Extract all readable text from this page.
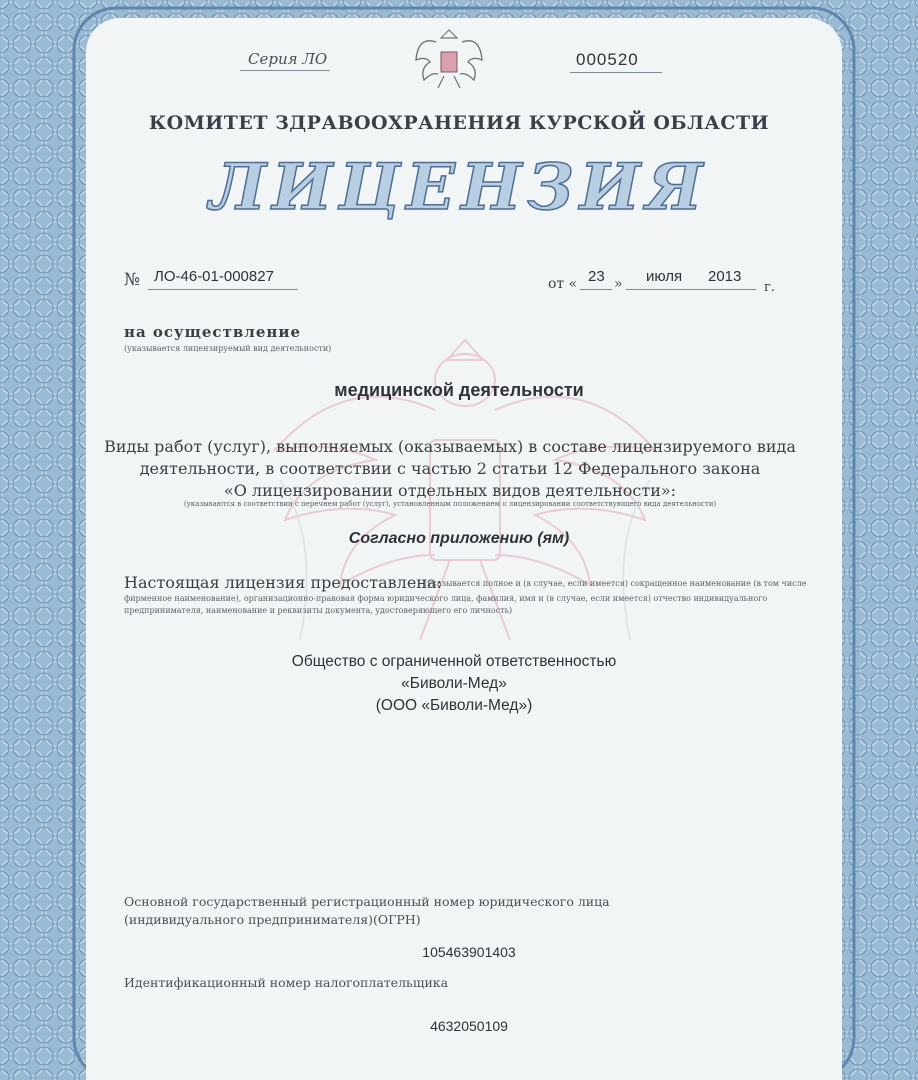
Серия ЛО	000520
КОМИТЕТ ЗДРАВООХРАНЕНИЯ КУРСКОЙ ОБЛАСТИ
ЛИЦЕНЗИЯ
№ ЛО-46-01-000827	от « 23 » июля 2013
г.
на осуществление
(указывается лицензируемый вид деятельности)
медицинской деятельности
Виды работ (услуг), выполняемых (оказываемых) в составе лицензируемого вида
деятельности, в соответствии с частью 2 статьи 12 Федерального закона
«О лицензировании отдельных видов деятельности»:
(указываются в соответствии с перечнем работ (услуг), установленным положением о лицензировании соответствующего вида деятельности)
Согласно приложению (ям)
Настоящая лицензия предоставлена:
(указывается полное и (в случае, если имеется) сокращенное наименование (в том числе
фирменное наименование), организационно-правовая форма юридического лица, фамилия, имя и (в случае, если имеется) отчество индивидуального
предпринимателя, наименование и реквизиты документа, удостоверяющего его личность)
Общество с ограниченной ответственностью
«Биволи-Мед»
(ООО «Биволи-Мед»)
Основной государственный регистрационный номер юридического лица
(индивидуального предпринимателя)(ОГРН)
105463901403
Идентификационный номер налогоплательщика
4632050109
